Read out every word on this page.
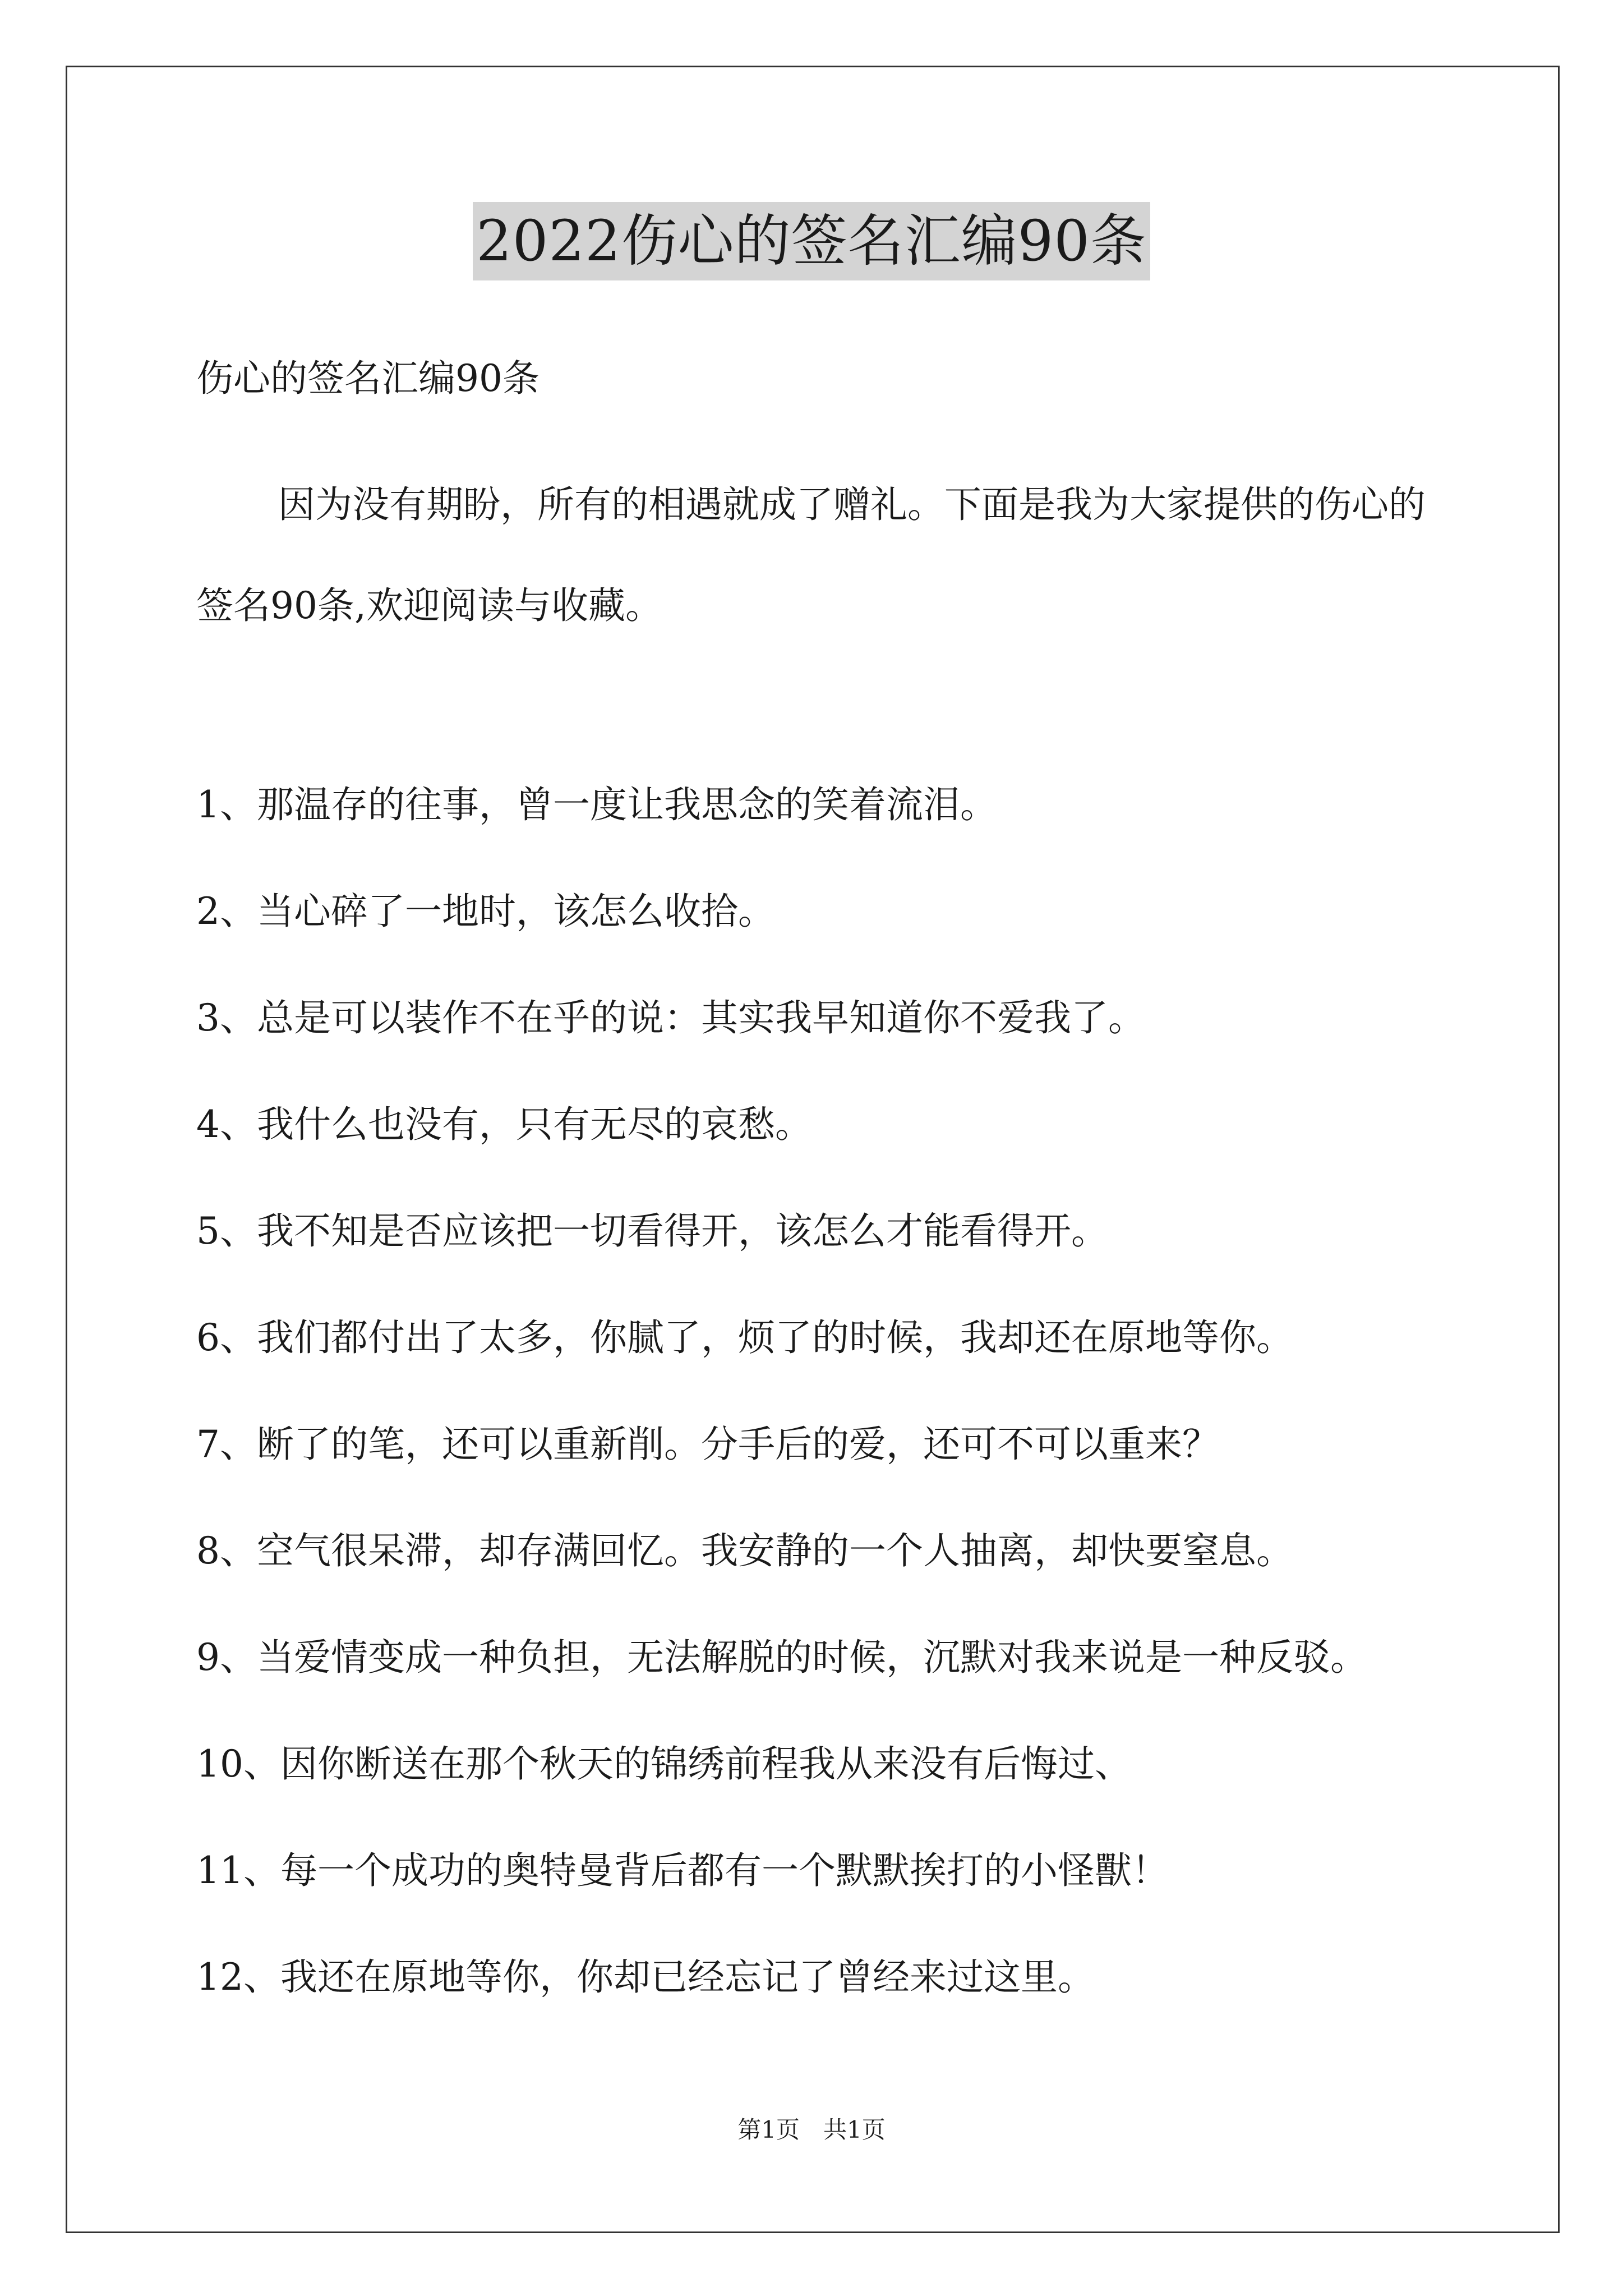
2022伤心的签名汇编90条
伤心的签名汇编90条
因为没有期盼，所有的相遇就成了赠礼。下面是我为大家提供的伤心的签名90条,欢迎阅读与收藏。
1、那温存的往事，曾一度让我思念的笑着流泪。
2、当心碎了一地时，该怎么收拾。
3、总是可以装作不在乎的说：其实我早知道你不爱我了。
4、我什么也没有，只有无尽的哀愁。
5、我不知是否应该把一切看得开，该怎么才能看得开。
6、我们都付出了太多，你腻了，烦了的时候，我却还在原地等你。
7、断了的笔，还可以重新削。分手后的爱，还可不可以重来？
8、空气很呆滞，却存满回忆。我安静的一个人抽离，却快要窒息。
9、当爱情变成一种负担，无法解脱的时候，沉默对我来说是一种反驳。
10、因你断送在那个秋天的锦绣前程我从来没有后悔过、
11、每一个成功的奥特曼背后都有一个默默挨打的小怪獸！
12、我还在原地等你，你却已经忘记了曾经来过这里。
第1页　共1页
